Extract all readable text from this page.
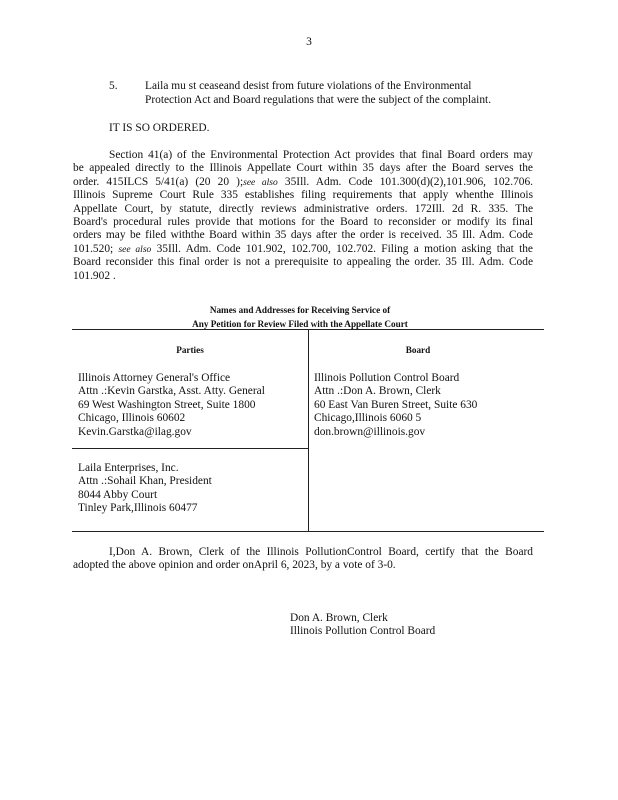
3
5. Laila mu st ceaseand desist from future violations of the Environmental
Protection Act and Board regulations that were the subject of the complaint.
IT IS SO ORDERED.
Section 41(a) of the Environmental Protection Act provides that final Board orders may
be appealed directly to the Illinois Appellate Court within 35 days after the Board serves the
order. 415ILCS 5/41(a) (20 20 );see also 35Ill. Adm. Code 101.300(d)(2),101.906, 102.706.
Illinois Supreme Court Rule 335 establishes filing requirements that apply whenthe Illinois
Appellate Court, by statute, directly reviews administrative orders. 172Ill. 2d R. 335. The
Board's procedural rules provide that motions for the Board to reconsider or modify its final
orders may be filed withthe Board within 35 days after the order is received. 35 Ill. Adm. Code
101.520; see also 35Ill. Adm. Code 101.902, 102.700, 102.702. Filing a motion asking that the
Board reconsider this final order is not a prerequisite to appealing the order. 35 Ill. Adm. Code
101.902 .
Names and Addresses for Receiving Service of
Any Petition for Review Filed with the Appellate Court
Parties	Board
Illinois Attorney General's Office
Attn .:Kevin Garstka, Asst. Atty. General
69 West Washington Street, Suite 1800
Chicago, Illinois 60602
Kevin.Garstka@ilag.gov
Laila Enterprises, Inc.
Attn .:Sohail Khan, President
8044 Abby Court
Tinley Park,Illinois 60477
Illinois Pollution Control Board
Attn .:Don A. Brown, Clerk
60 East Van Buren Street, Suite 630
Chicago,Illinois 6060 5
don.brown@illinois.gov
I,Don A. Brown, Clerk of the Illinois PollutionControl Board, certify that the Board
adopted the above opinion and order onApril 6, 2023, by a vote of 3-0.
Don A. Brown, Clerk
Illinois Pollution Control Board
